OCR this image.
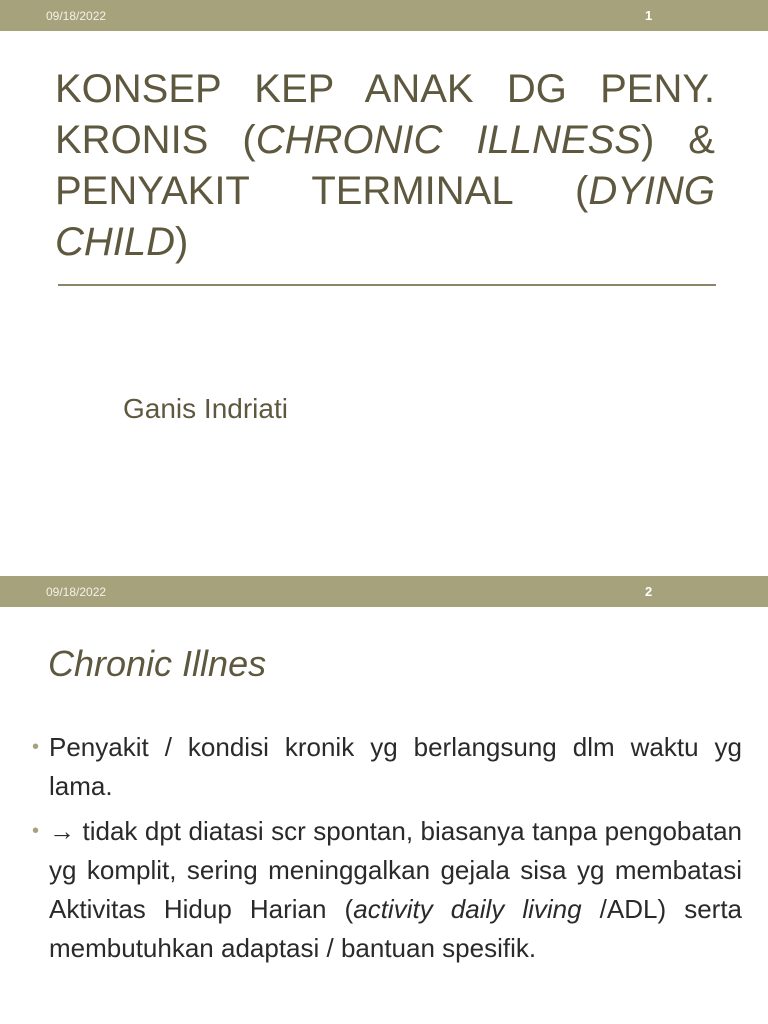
09/18/2022	1
KONSEP KEP ANAK DG PENY. KRONIS (CHRONIC ILLNESS) & PENYAKIT TERMINAL (DYING CHILD)
Ganis Indriati
09/18/2022	2
Chronic Illnes
• Penyakit / kondisi kronik yg berlangsung dlm waktu yg lama.
• → tidak dpt diatasi scr spontan, biasanya tanpa pengobatan yg komplit, sering meninggalkan gejala sisa yg membatasi Aktivitas Hidup Harian (activity daily living /ADL) serta membutuhkan adaptasi / bantuan spesifik.
